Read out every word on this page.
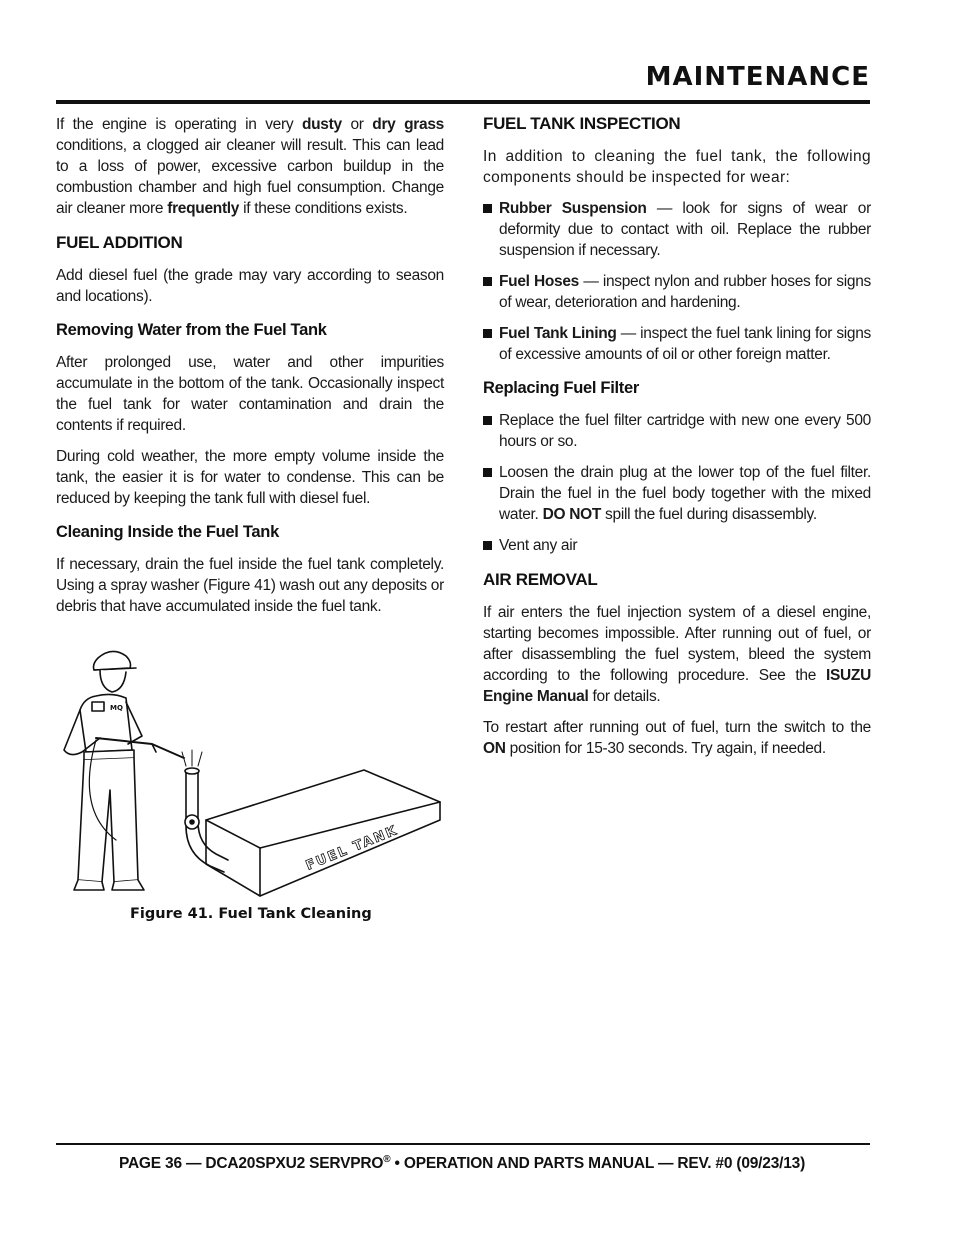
MAINTENANCE

If the engine is operating in very dusty or dry grass conditions, a clogged air cleaner will result. This can lead to a loss of power, excessive carbon buildup in the combustion chamber and high fuel consumption. Change air cleaner more frequently if these conditions exists.

FUEL ADDITION

Add diesel fuel (the grade may vary according to season and locations).

Removing Water from the Fuel Tank

After prolonged use, water and other impurities accumulate in the bottom of the tank. Occasionally inspect the fuel tank for water contamination and drain the contents if required.

During cold weather, the more empty volume inside the tank, the easier it is for water to condense. This can be reduced by keeping the tank full with diesel fuel.

Cleaning Inside the Fuel Tank

If necessary, drain the fuel inside the fuel tank completely. Using a spray washer (Figure 41) wash out any deposits or debris that have accumulated inside the fuel tank.

MQ
FUEL TANK
Figure 41. Fuel Tank Cleaning
FUEL TANK INSPECTION

In addition to cleaning the fuel tank, the following components should be inspected for wear:

Rubber Suspension — look for signs of wear or deformity due to contact with oil. Replace the rubber suspension if necessary.
Fuel Hoses — inspect nylon and rubber hoses for signs of wear, deterioration and hardening.
Fuel Tank Lining — inspect the fuel tank lining for signs of excessive amounts of oil or other foreign matter.
Replacing Fuel Filter
Replace the fuel filter cartridge with new one every 500 hours or so.
Loosen the drain plug at the lower top of the fuel filter. Drain the fuel in the fuel body together with the mixed water. DO NOT spill the fuel during disassembly.
Vent any air
AIR REMOVAL

If air enters the fuel injection system of a diesel engine, starting becomes impossible. After running out of fuel, or after disassembling the fuel system, bleed the system according to the following procedure. See the ISUZU Engine Manual for details.

To restart after running out of fuel, turn the switch to the ON position for 15-30 seconds. Try again, if needed.

PAGE 36 — DCA20SPXU2 SERVPRO® • OPERATION AND PARTS MANUAL — REV. #0 (09/23/13)
